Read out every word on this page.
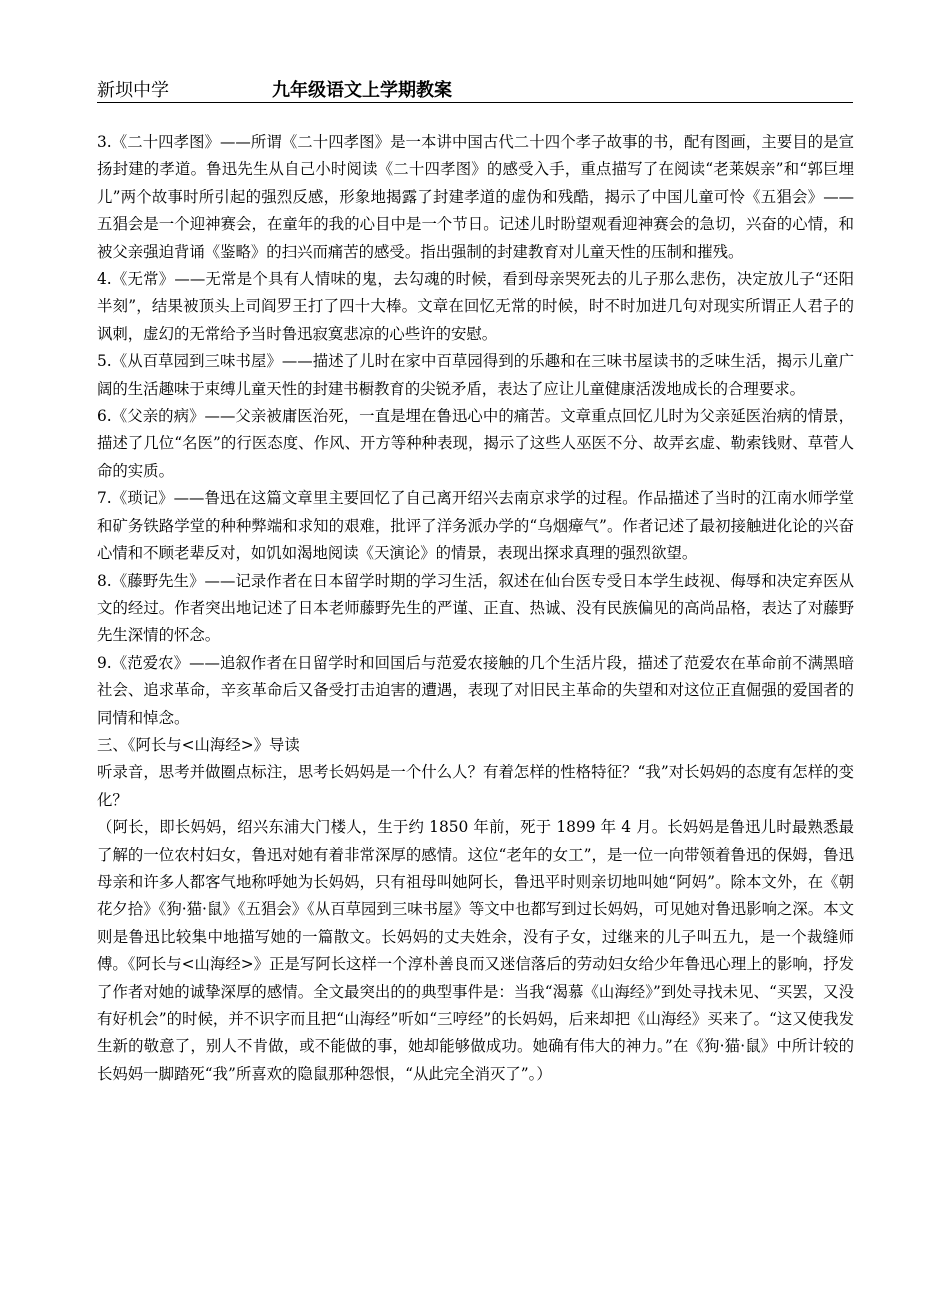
新坝中学	九年级语文上学期教案

3.《二十四孝图》——所谓《二十四孝图》是一本讲中国古代二十四个孝子故事的书，配有图画，主要目的是宣扬封建的孝道。鲁迅先生从自己小时阅读《二十四孝图》的感受入手，重点描写了在阅读“老莱娱亲”和“郭巨埋儿”两个故事时所引起的强烈反感，形象地揭露了封建孝道的虚伪和残酷，揭示了中国儿童可怜《五猖会》——五猖会是一个迎神赛会，在童年的我的心目中是一个节日。记述儿时盼望观看迎神赛会的急切，兴奋的心情，和被父亲强迫背诵《鉴略》的扫兴而痛苦的感受。指出强制的封建教育对儿童天性的压制和摧残。

4.《无常》——无常是个具有人情味的鬼，去勾魂的时候，看到母亲哭死去的儿子那么悲伤，决定放儿子“还阳半刻”，结果被顶头上司阎罗王打了四十大棒。文章在回忆无常的时候，时不时加进几句对现实所谓正人君子的讽刺，虚幻的无常给予当时鲁迅寂寞悲凉的心些许的安慰。

5.《从百草园到三味书屋》——描述了儿时在家中百草园得到的乐趣和在三味书屋读书的乏味生活，揭示儿童广阔的生活趣味于束缚儿童天性的封建书橱教育的尖锐矛盾，表达了应让儿童健康活泼地成长的合理要求。

6.《父亲的病》——父亲被庸医治死，一直是埋在鲁迅心中的痛苦。文章重点回忆儿时为父亲延医治病的情景，描述了几位“名医”的行医态度、作风、开方等种种表现，揭示了这些人巫医不分、故弄玄虚、勒索钱财、草菅人命的实质。

7.《琐记》——鲁迅在这篇文章里主要回忆了自己离开绍兴去南京求学的过程。作品描述了当时的江南水师学堂和矿务铁路学堂的种种弊端和求知的艰难，批评了洋务派办学的“乌烟瘴气”。作者记述了最初接触进化论的兴奋心情和不顾老辈反对，如饥如渴地阅读《天演论》的情景，表现出探求真理的强烈欲望。

8.《藤野先生》——记录作者在日本留学时期的学习生活，叙述在仙台医专受日本学生歧视、侮辱和决定弃医从文的经过。作者突出地记述了日本老师藤野先生的严谨、正直、热诚、没有民族偏见的高尚品格，表达了对藤野先生深情的怀念。

9.《范爱农》——追叙作者在日留学时和回国后与范爱农接触的几个生活片段，描述了范爱农在革命前不满黑暗社会、追求革命，辛亥革命后又备受打击迫害的遭遇，表现了对旧民主革命的失望和对这位正直倔强的爱国者的同情和悼念。

三、《阿长与<山海经>》导读

听录音，思考并做圈点标注，思考长妈妈是一个什么人？有着怎样的性格特征？“我”对长妈妈的态度有怎样的变化？

（阿长，即长妈妈，绍兴东浦大门楼人，生于约 1850 年前，死于 1899 年 4 月。长妈妈是鲁迅儿时最熟悉最了解的一位农村妇女，鲁迅对她有着非常深厚的感情。这位“老年的女工”，是一位一向带领着鲁迅的保姆，鲁迅母亲和许多人都客气地称呼她为长妈妈，只有祖母叫她阿长，鲁迅平时则亲切地叫她“阿妈”。除本文外，在《朝花夕拾》《狗·猫·鼠》《五猖会》《从百草园到三味书屋》等文中也都写到过长妈妈，可见她对鲁迅影响之深。本文则是鲁迅比较集中地描写她的一篇散文。长妈妈的丈夫姓余，没有子女，过继来的儿子叫五九，是一个裁缝师傅。《阿长与<山海经>》正是写阿长这样一个淳朴善良而又迷信落后的劳动妇女给少年鲁迅心理上的影响，抒发了作者对她的诚挚深厚的感情。全文最突出的的典型事件是：当我“渴慕《山海经》”到处寻找未见、“买罢，又没有好机会”的时候，并不识字而且把“山海经”听如“三哼经”的长妈妈，后来却把《山海经》买来了。“这又使我发生新的敬意了，别人不肯做，或不能做的事，她却能够做成功。她确有伟大的神力。”在《狗·猫·鼠》中所计较的长妈妈一脚踏死“我”所喜欢的隐鼠那种怨恨，“从此完全消灭了”。）
